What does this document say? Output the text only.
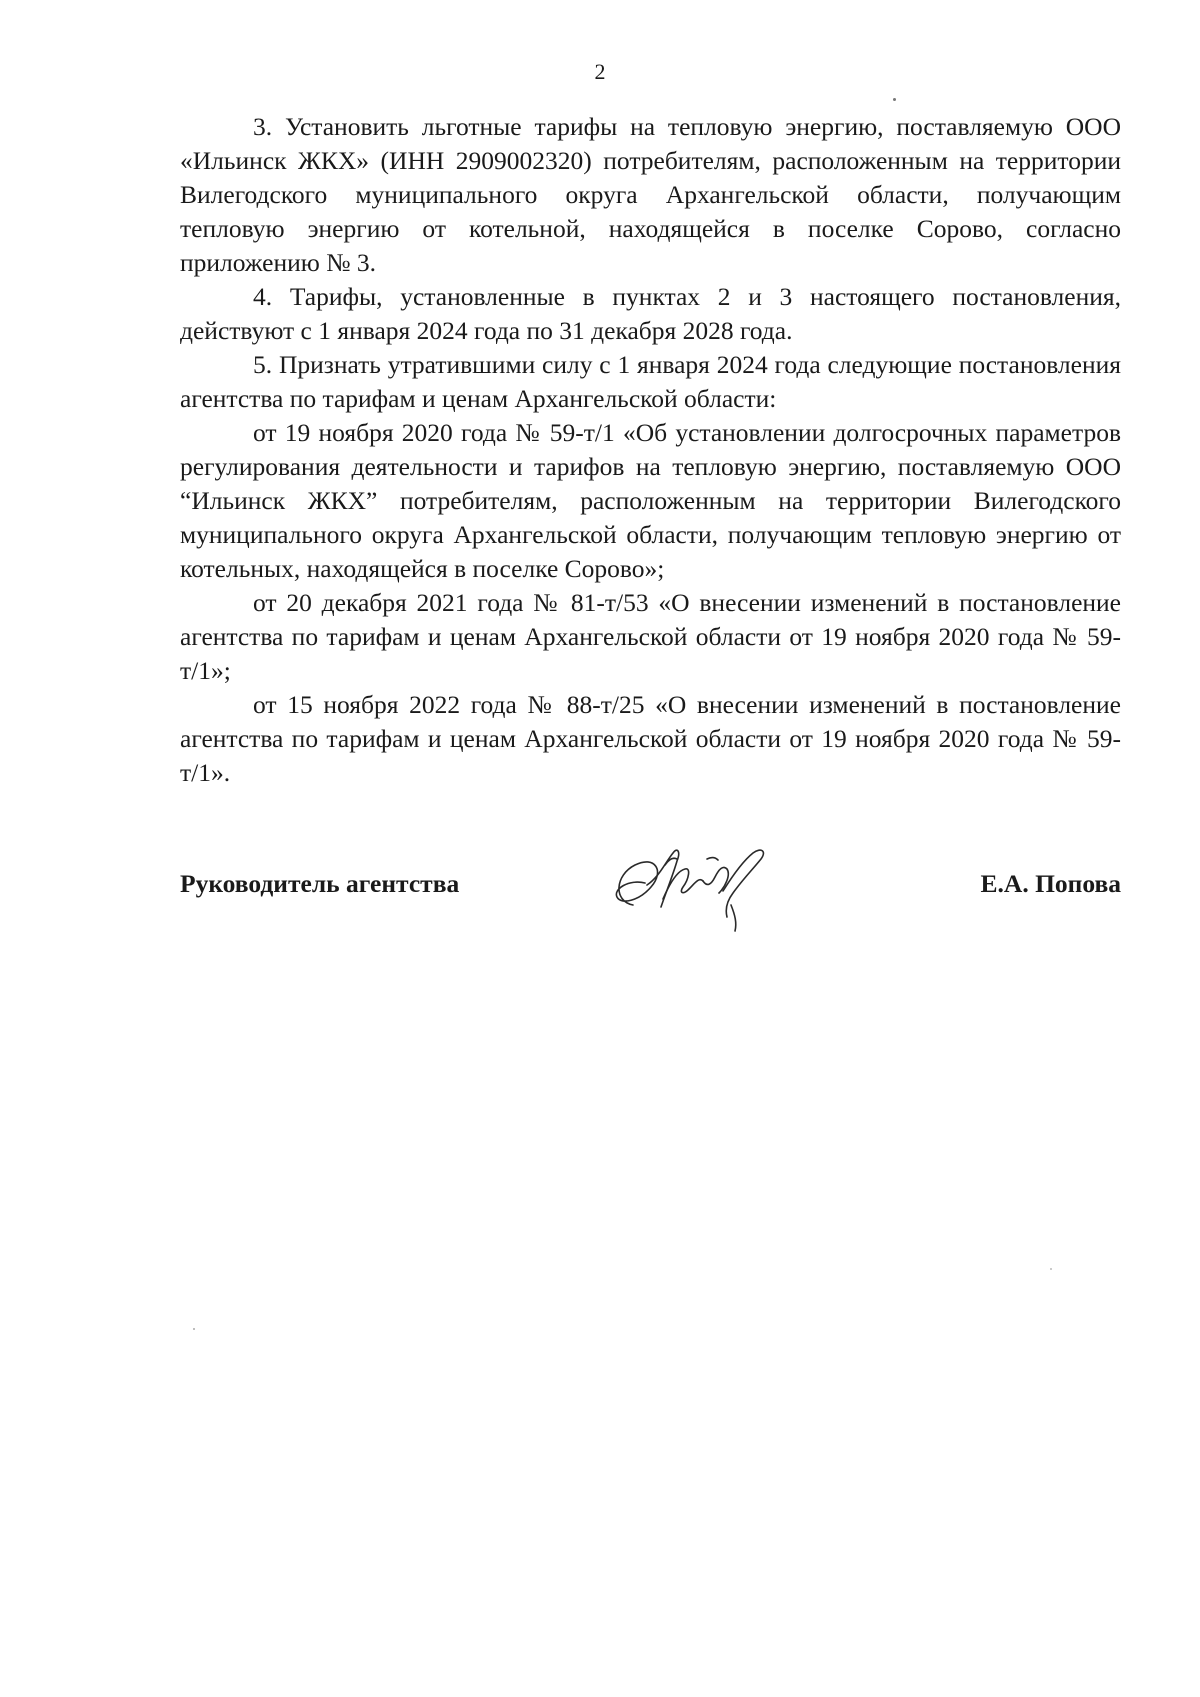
2

3. Установить льготные тарифы на тепловую энергию, поставляемую ООО «Ильинск ЖКХ» (ИНН 2909002320) потребителям, расположенным на территории Вилегодского муниципального округа Архангельской области, получающим тепловую энергию от котельной, находящейся в поселке Сорово, согласно приложению № 3.

4. Тарифы, установленные в пунктах 2 и 3 настоящего постановления, действуют с 1 января 2024 года по 31 декабря 2028 года.

5. Признать утратившими силу с 1 января 2024 года следующие постановления агентства по тарифам и ценам Архангельской области:

от 19 ноября 2020 года № 59-т/1 «Об установлении долгосрочных параметров регулирования деятельности и тарифов на тепловую энергию, поставляемую ООО “Ильинск ЖКХ” потребителям, расположенным на территории Вилегодского муниципального округа Архангельской области, получающим тепловую энергию от котельных, находящейся в поселке Сорово»;

от 20 декабря 2021 года № 81-т/53 «О внесении изменений в постановление агентства по тарифам и ценам Архангельской области от 19 ноября 2020 года № 59-т/1»;

от 15 ноября 2022 года № 88-т/25 «О внесении изменений в постановление агентства по тарифам и ценам Архангельской области от 19 ноября 2020 года № 59-т/1».

Руководитель агентства	Е.А. Попова
